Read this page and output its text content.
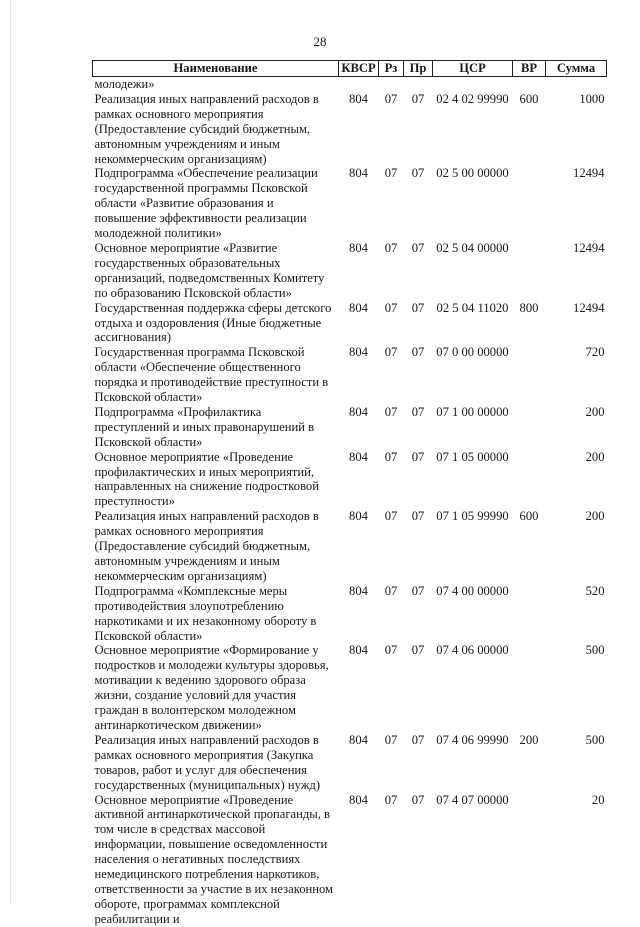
28
Наименование	КВСР	Рз	Пр	ЦСР	ВР	Сумма
молодежи»						
Реализация иных направлений расходов в рамках основного мероприятия (Предоставление субсидий бюджетным, автономным учреждениям и иным некоммерческим организациям)	804	07	07	02 4 02 99990	600	1000
Подпрограмма «Обеспечение реализации государственной программы Псковской области «Развитие образования и повышение эффективности реализации молодежной политики»	804	07	07	02 5 00 00000		12494
Основное мероприятие «Развитие государственных образовательных организаций, подведомственных Комитету по образованию Псковской области»	804	07	07	02 5 04 00000		12494
Государственная поддержка сферы детского отдыха и оздоровления (Иные бюджетные ассигнования)	804	07	07	02 5 04 11020	800	12494
Государственная программа Псковской области «Обеспечение общественного порядка и противодействие преступности в Псковской области»	804	07	07	07 0 00 00000		720
Подпрограмма «Профилактика преступлений и иных правонарушений в Псковской области»	804	07	07	07 1 00 00000		200
Основное мероприятие «Проведение профилактических и иных мероприятий, направленных на снижение подростковой преступности»	804	07	07	07 1 05 00000		200
Реализация иных направлений расходов в рамках основного мероприятия (Предоставление субсидий бюджетным, автономным учреждениям и иным некоммерческим организациям)	804	07	07	07 1 05 99990	600	200
Подпрограмма «Комплексные меры противодействия злоупотреблению наркотиками и их незаконному обороту в Псковской области»	804	07	07	07 4 00 00000		520
Основное мероприятие «Формирование у подростков и молодежи культуры здоровья, мотивации к ведению здорового образа жизни, создание условий для участия граждан в волонтерском молодежном антинаркотическом движении»	804	07	07	07 4 06 00000		500
Реализация иных направлений расходов в рамках основного мероприятия (Закупка товаров, работ и услуг для обеспечения государственных (муниципальных) нужд)	804	07	07	07 4 06 99990	200	500
Основное мероприятие «Проведение активной антинаркотической пропаганды, в том числе в средствах массовой информации, повышение осведомленности населения о негативных последствиях немедицинского потребления наркотиков, ответственности за участие в их незаконном обороте, программах комплексной реабилитации и	804	07	07	07 4 07 00000		20
